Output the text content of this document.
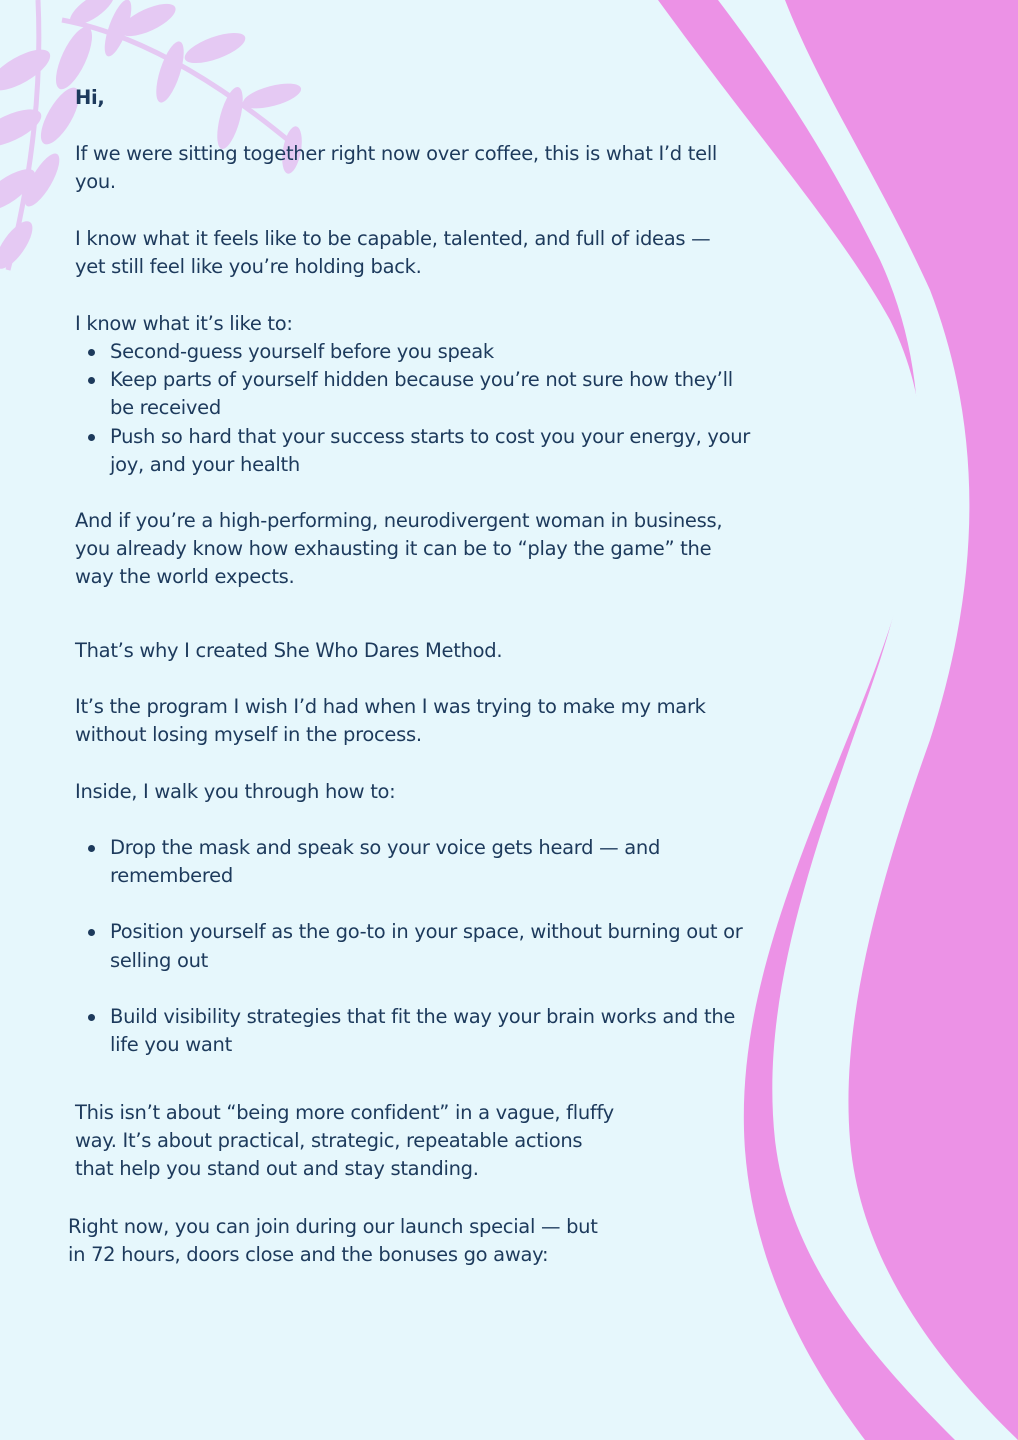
Hi,

If we were sitting together right now over coffee, this is what I’d tell you.

I know what it feels like to be capable, talented, and full of ideas — yet still feel like you’re holding back.

I know what it’s like to:

Second-guess yourself before you speak
Keep parts of yourself hidden because you’re not sure how they’ll be received
Push so hard that your success starts to cost you your energy, your joy, and your health

And if you’re a high-performing, neurodivergent woman in business, you already know how exhausting it can be to “play the game” the way the world expects.

That’s why I created She Who Dares Method.

It’s the program I wish I’d had when I was trying to make my mark without losing myself in the process.

Inside, I walk you through how to:

Drop the mask and speak so your voice gets heard — and remembered
Position yourself as the go-to in your space, without burning out or selling out
Build visibility strategies that fit the way your brain works and the life you want

This isn’t about “being more confident” in a vague, fluffy way. It’s about practical, strategic, repeatable actions that help you stand out and stay standing.

Right now, you can join during our launch special — but in 72 hours, doors close and the bonuses go away:
